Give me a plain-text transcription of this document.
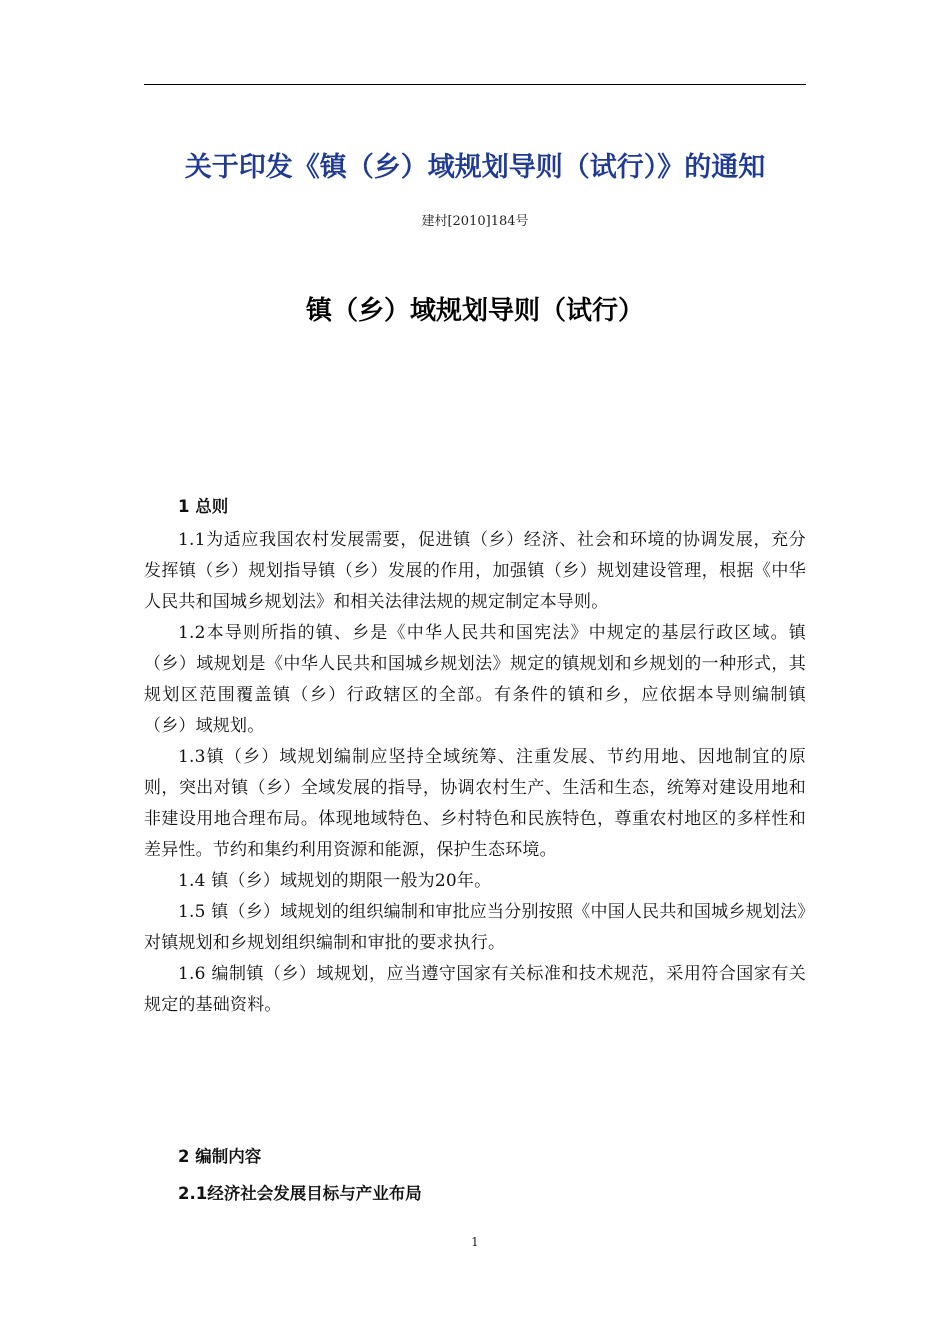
关于印发《镇（乡）域规划导则（试行）》的通知
建村[2010]184号
镇（乡）域规划导则（试行）
1 总则

1.1为适应我国农村发展需要，促进镇（乡）经济、社会和环境的协调发展，充分发挥镇（乡）规划指导镇（乡）发展的作用，加强镇（乡）规划建设管理，根据《中华人民共和国城乡规划法》和相关法律法规的规定制定本导则。

1.2本导则所指的镇、乡是《中华人民共和国宪法》中规定的基层行政区域。镇（乡）域规划是《中华人民共和国城乡规划法》规定的镇规划和乡规划的一种形式，其规划区范围覆盖镇（乡）行政辖区的全部。有条件的镇和乡，应依据本导则编制镇（乡）域规划。

1.3镇（乡）域规划编制应坚持全域统筹、注重发展、节约用地、因地制宜的原则，突出对镇（乡）全域发展的指导，协调农村生产、生活和生态，统筹对建设用地和非建设用地合理布局。体现地域特色、乡村特色和民族特色，尊重农村地区的多样性和差异性。节约和集约利用资源和能源，保护生态环境。

1.4 镇（乡）域规划的期限一般为20年。

1.5 镇（乡）域规划的组织编制和审批应当分别按照《中国人民共和国城乡规划法》对镇规划和乡规划组织编制和审批的要求执行。

1.6 编制镇（乡）域规划，应当遵守国家有关标准和技术规范，采用符合国家有关规定的基础资料。

2 编制内容
2.1经济社会发展目标与产业布局
1
